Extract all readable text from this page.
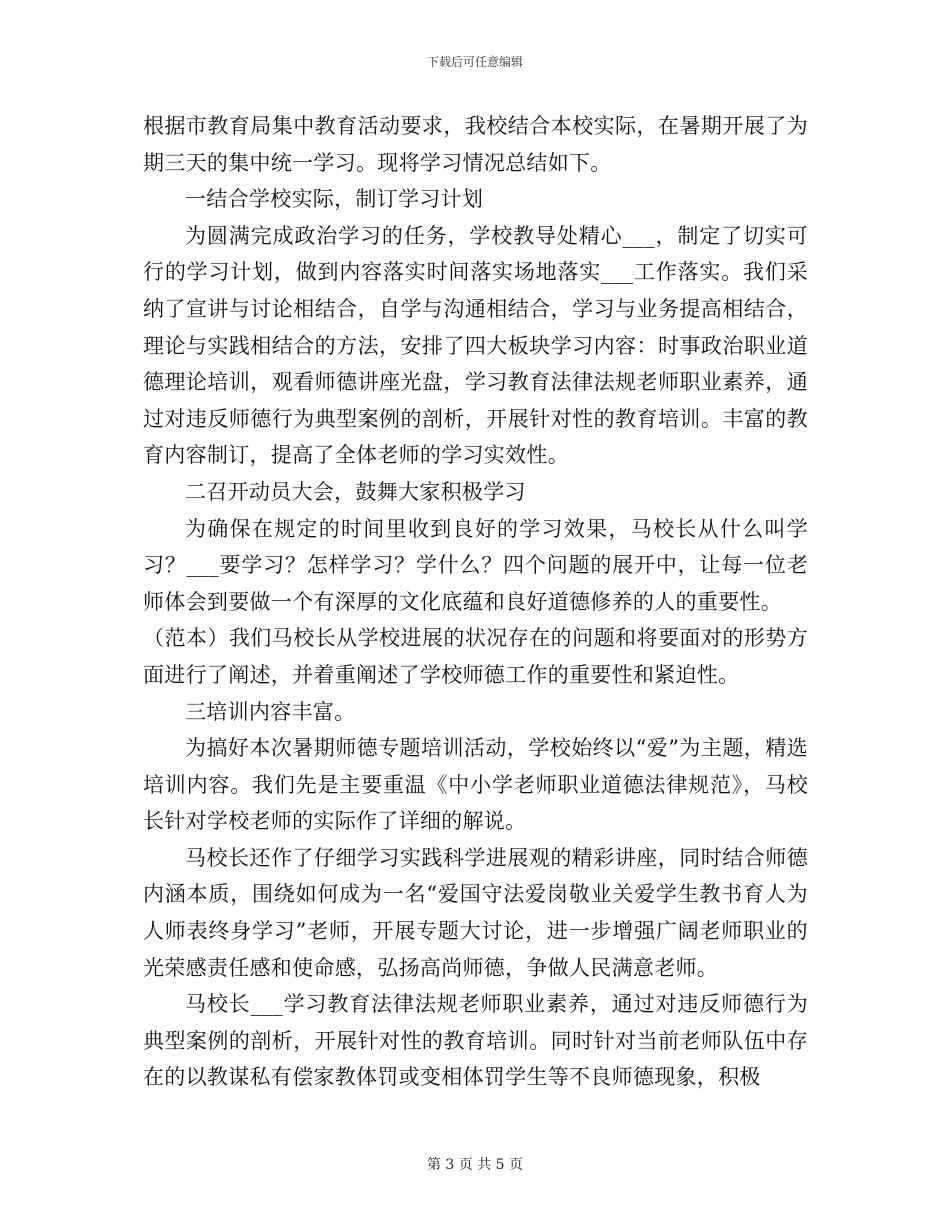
下载后可任意编辑

根据市教育局集中教育活动要求，我校结合本校实际，在暑期开展了为期三天的集中统一学习。现将学习情况总结如下。

一结合学校实际，制订学习计划

为圆满完成政治学习的任务，学校教导处精心___，制定了切实可行的学习计划，做到内容落实时间落实场地落实___工作落实。我们采纳了宣讲与讨论相结合，自学与沟通相结合，学习与业务提高相结合，理论与实践相结合的方法，安排了四大板块学习内容：时事政治职业道德理论培训，观看师德讲座光盘，学习教育法律法规老师职业素养，通过对违反师德行为典型案例的剖析，开展针对性的教育培训。丰富的教育内容制订，提高了全体老师的学习实效性。

二召开动员大会，鼓舞大家积极学习

为确保在规定的时间里收到良好的学习效果，马校长从什么叫学习？___要学习？怎样学习？学什么？四个问题的展开中，让每一位老师体会到要做一个有深厚的文化底蕴和良好道德修养的人的重要性。

（范本）我们马校长从学校进展的状况存在的问题和将要面对的形势方面进行了阐述，并着重阐述了学校师德工作的重要性和紧迫性。

三培训内容丰富。

为搞好本次暑期师德专题培训活动，学校始终以“爱”为主题，精选培训内容。我们先是主要重温《中小学老师职业道德法律规范》，马校长针对学校老师的实际作了详细的解说。

马校长还作了仔细学习实践科学进展观的精彩讲座，同时结合师德内涵本质，围绕如何成为一名“爱国守法爱岗敬业关爱学生教书育人为人师表终身学习”老师，开展专题大讨论，进一步增强广阔老师职业的光荣感责任感和使命感，弘扬高尚师德，争做人民满意老师。

马校长___学习教育法律法规老师职业素养，通过对违反师德行为典型案例的剖析，开展针对性的教育培训。同时针对当前老师队伍中存在的以教谋私有偿家教体罚或变相体罚学生等不良师德现象，积极

第 3 页 共 5 页
